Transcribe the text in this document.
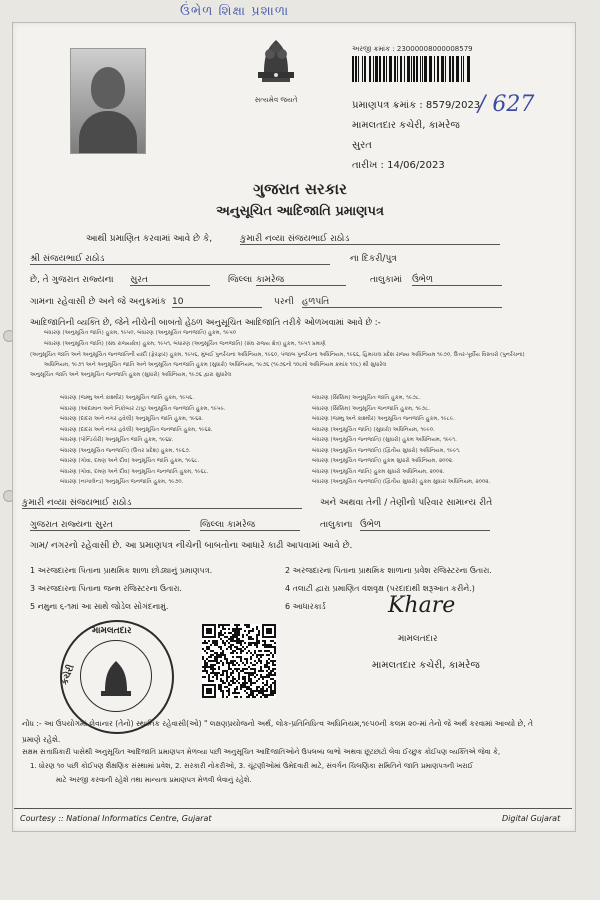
ઉંભેળ શિક્ષા પ્રશાળા
સત્યમેવ જયતે
અરજી ક્રમાંક : 23000008000008579
પ્રમાણપત્ર ક્રમાંક : 8579/2023
/ 627
મામલતદાર કચેરી, કામરેજ
સુરત
તારીખ : 14/06/2023
ગુજરાત સરકાર
અનુસૂચિત આદિજાતિ પ્રમાણપત્ર
આથી પ્રમાણિત કરવામાં આવે છે કે,	કુમારી નવ્યા સંજયભાઈ રાઠોડ
શ્રી સંજયભાઈ રાઠોડ	ના દિકરી/પુત્ર
છે, તે ગુજરાત રાજ્યના સુરત	જિલ્લા કામરેજ	તાલુકામાં ઉંભેળ
ગામના રહેવાસી છે અને જે અનુક્રમાંક 10	પરની હળપતિ
આદિજાતિની વ્યક્તિ છે, જેને નીચેની બાબતો હેઠળ અનુસૂચિત આદિજાતિ તરીકે ઓળખવામાં આવે છે :-
બંધારણ (અનુસૂચિત જાતિ) હુકમ, ૧૯૫૦, બંધારણ (અનુસૂચિત જનજાતિ) હુકમ, ૧૯૫૦
બંધારણ (અનુસૂચિત જાતિ) (સંઘ રાજ્યક્ષેત્ર) હુકમ, ૧૯૫૧, બંધારણ (અનુસૂચિત જનજાતિ) (સંઘ રાજ્ય ક્ષેત્ર) હુકમ, ૧૯૫૧ પ્રમાણે
(અનુસૂચિત જાતિ અને અનુસૂચિત જનજાતિની યાદી (ફેરફાર) હુકમ, ૧૯૫૬, મુંબઈ પુનર્રચના અધિનિયમ, ૧૯૬૦, પંજાબ પુનર્રચના અધિનિયમ, ૧૯૬૬, હિમાચલ પ્રદેશ રાજ્ય અધિનિયમ ૧૯૭૦, ઉત્તર-પૂર્વીય વિસ્તારો (પુનર્રચના)
અધિનિયમ, ૧૯૭૧ અને અનુસૂચિત જાતિ અને અનુસૂચિત જનજાતિ હુકમ (સુધારો) અધિનિયમ, ૧૯૭૬ (૧૯૭૬નો ૧૦૮મો અધિનિયમ ક્રમાંક ૧૦૮) થી સુધારેલ
અનુસૂચિત જાતિ અને અનુસૂચિત જનજાતિ હુકમ (સુધારો) અધિનિયમ, ૧૯૭૬ દ્વારા સુધારેલ
બંધારણ (જમ્મુ અને કાશ્મીર) અનુસૂચિત જાતિ હુકમ, ૧૯૫૬.
બંધારણ (આંદામાન અને નિકોબાર ટાપુ) અનુસૂચિત જનજાતિ હુકમ, ૧૯૫૯.
બંધારણ (દાદરા અને નગર હવેલી) અનુસૂચિત જાતિ હુકમ, ૧૯૬૨.
બંધારણ (દાદરા અને નગર હવેલી) અનુસૂચિત જનજાતિ હુકમ, ૧૯૬૨.
બંધારણ (પોન્ડિચેરી) અનુસૂચિત જાતિ હુકમ, ૧૯૬૪.
બંધારણ (અનુસૂચિત જનજાતિ) (ઉત્તર પ્રદેશ) હુકમ, ૧૯૬૭.
બંધારણ (ગોવા, દમણ અને દીવ) અનુસૂચિત જાતિ હુકમ, ૧૯૬૮.
બંધારણ (ગોવા, દમણ અને દીવ) અનુસૂચિત જનજાતિ હુકમ, ૧૯૬૮.
બંધારણ (નાગાલેન્ડ) અનુસૂચિત જનજાતિ હુકમ, ૧૯૭૦.
બંધારણ (સિક્કિમ) અનુસૂચિત જાતિ હુકમ, ૧૯૭૮.
બંધારણ (સિક્કિમ) અનુસૂચિત જનજાતિ હુકમ, ૧૯૭૮.
બંધારણ (જમ્મુ અને કાશ્મીર) અનુસૂચિત જનજાતિ હુકમ, ૧૯૮૯.
બંધારણ (અનુસૂચિત જાતિ) (સુધારો) અધિનિયમ, ૧૯૯૦.
બંધારણ (અનુસૂચિત જનજાતિ) (સુધારો) હુકમ અધિનિયમ, ૧૯૯૧.
બંધારણ (અનુસૂચિત જનજાતિ) (દ્વિતીય સુધારો) અધિનિયમ, ૧૯૯૧.
બંધારણ (અનુસૂચિત જનજાતિ) હુકમ સુધારો અધિનિયમ, ૨૦૦૨.
બંધારણ (અનુસૂચિત જાતિ) હુકમ સુધારો અધિનિયમ, ૨૦૦૨.
બંધારણ (અનુસૂચિત જનજાતિ) (દ્વિતીય સુધારો) હુકમ સુધારા અધિનિયમ, ૨૦૦૨.
કુમારી નવ્યા સંજયભાઈ રાઠોડ	અને અથવા તેની / તેણીનો પરિવાર સામાન્ય રીતે
ગુજરાત રાજ્યના સુરત	જિલ્લા કામરેજ	તાલુકાના ઉંભેળ
ગામ/ નગરનો રહેવાસી છે. આ પ્રમાણપત્ર નીચેની બાબતોના આધારે કાઢી આપવામાં આવે છે.
1 અરજદારના પિતાના પ્રાથમિક શાળા છોડ્યાનું પ્રમાણપત્ર.	2 અરજદારના પિતાના પ્રાથમિક શાળાના પ્રવેશ રજિસ્ટરના ઉતારા.
3 અરજદારના પિતાના જન્મ રજિસ્ટરના ઉતારા.	4 તલાટી દ્વારા પ્રમાણિત વંશવૃક્ષ (પરદાદાથી શરૂઆત કરીને.)
5 નમુના ૬-૧માં આ સાથે જોડેલ સોગંદનામું.	6 આધારકાર્ડ
મામલતદાર
કચેરી
Khare
મામલતદાર
મામલતદાર કચેરી, કામરેજ
નોંધ :- આ ઉપયોગમાં લેવાનાર (તેનો) સ્થાનિક રહેવાસી(ઓ) " લક્ષણપ્રયોજનો અર્થ, લોક-પ્રતિનિધિત્વ અધિનિયમ,૧૯૫૦ની કલમ ૨૦-માં તેનો જે અર્થ કરવામાં આવ્યો છે, તે પ્રમાણે રહેશે.
સક્ષમ સત્તાધિકારી પાસેથી અનુસૂચિત આદિજાતિ પ્રમાણપત્ર મેળવ્યા પછી અનુસૂચિત આદિજાતિઓને ઉપલબ્ધ લાભો અથવા છૂટછાટો લેવા ઈચ્છુક કોઈપણ વ્યક્તિએ જેવા કે,
1. ધોરણ ૧૦ પછી કોઈપણ શૈક્ષણિક સંસ્થામાં પ્રવેશ, 2. સરકારી નોકરીઓ, 3. ચૂંટણીઓમાં ઉમેદવારી માટે, સંવર્ગન ચિલણિકા સમિતિને જાતિ પ્રમાણપત્રની ખરાઈ
માટે અરજી કરવાની રહેશે તથા માન્યતા પ્રમાણપત્ર મેળવી લેવાનું રહેશે.
Courtesy :: National Informatics Centre, Gujarat	Digital Gujarat
